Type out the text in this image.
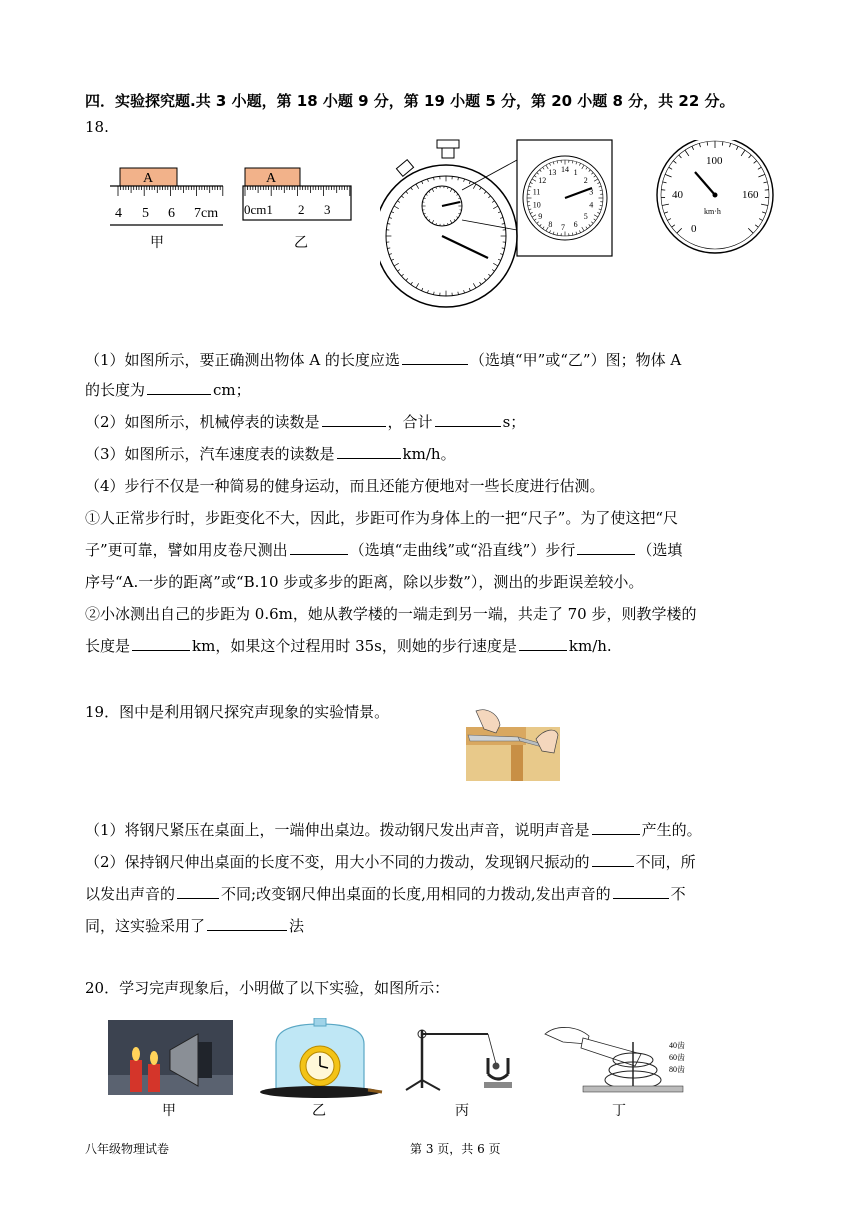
四．实验探究题.共 3 小题，第 18 小题 9 分，第 19 小题 5 分，第 20 小题 8 分，共 22 分。
18.
A
4 5 6 7cm
甲
A
0cm1 2 3
乙
14
13
12
11
10
9
8 7 6
5
4
3
2
1
100
40	160
0
km·h
（1）如图所示，要正确测出物体 A 的长度应选	（选填“甲”或“乙”）图；物体 A
的长度为	cm；
（2）如图所示，机械停表的读数是	，合计	s；
（3）如图所示，汽车速度表的读数是	km/h。
（4）步行不仅是一种简易的健身运动，而且还能方便地对一些长度进行估测。
①人正常步行时，步距变化不大，因此，步距可作为身体上的一把“尺子”。为了使这把“尺
子”更可靠，譬如用皮卷尺测出	（选填“走曲线”或“沿直线”）步行	（选填
序号“A.一步的距离”或“B.10 步或多步的距离，除以步数”），测出的步距误差较小。
②小冰测出自己的步距为 0.6m，她从教学楼的一端走到另一端，共走了 70 步，则教学楼的
长度是	km，如果这个过程用时 35s，则她的步行速度是	km/h.
19．图中是利用钢尺探究声现象的实验情景。
（1）将钢尺紧压在桌面上，一端伸出桌边。拨动钢尺发出声音，说明声音是	产生的。
（2）保持钢尺伸出桌面的长度不变，用大小不同的力拨动，发现钢尺振动的	不同，所
以发出声音的	不同;改变钢尺伸出桌面的长度,用相同的力拨动,发出声音的	不
同，这实验采用了	法
20．学习完声现象后，小明做了以下实验，如图所示：
甲	乙	丙
40齿
60齿
80齿
丁
八年级物理试卷	第 3 页，共 6 页
